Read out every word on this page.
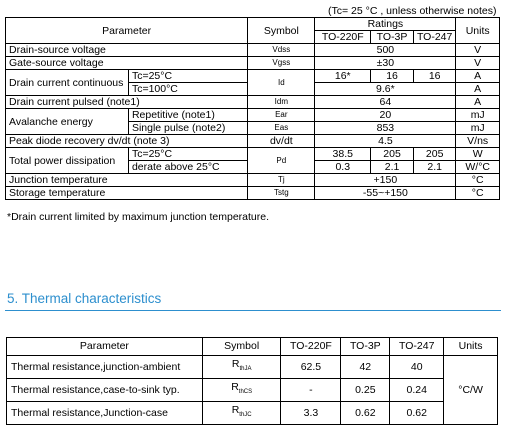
(Tc= 25 °C , unless otherwise notes)
Parameter		Symbol	Ratings			Units
			TO-220F	TO-3P	TO-247	
Drain-source voltage		Vdss	500			V
Gate-source voltage		Vgss	±30			V
Drain current continuous	Tc=25°C	Id	16*	16	16	A
	Tc=100°C		9.6*			A
Drain current pulsed (note1)		Idm	64			A
Avalanche energy	Repetitive (note1)	Ear	20			mJ
	Single pulse (note2)	Eas	853			mJ
Peak diode recovery dv/dt (note 3)		dv/dt	4.5			V/ns
Total power dissipation	Tc=25°C	Pd	38.5	205	205	W
	derate above 25°C		0.3	2.1	2.1	W/°C
Junction temperature		Tj	+150			°C
Storage temperature		Tstg	-55~+150			°C
*Drain current limited by maximum junction temperature.
5. Thermal characteristics
Parameter	Symbol	TO-220F	TO-3P	TO-247	Units
Thermal resistance,junction-ambient	$R_{thJA}$	62.5	42	40	°C/W
Thermal resistance,case-to-sink typ.	$R_{thCS}$	-	0.25	0.24	
Thermal resistance,Junction-case	$R_{thJC}$	3.3	0.62	0.62	
